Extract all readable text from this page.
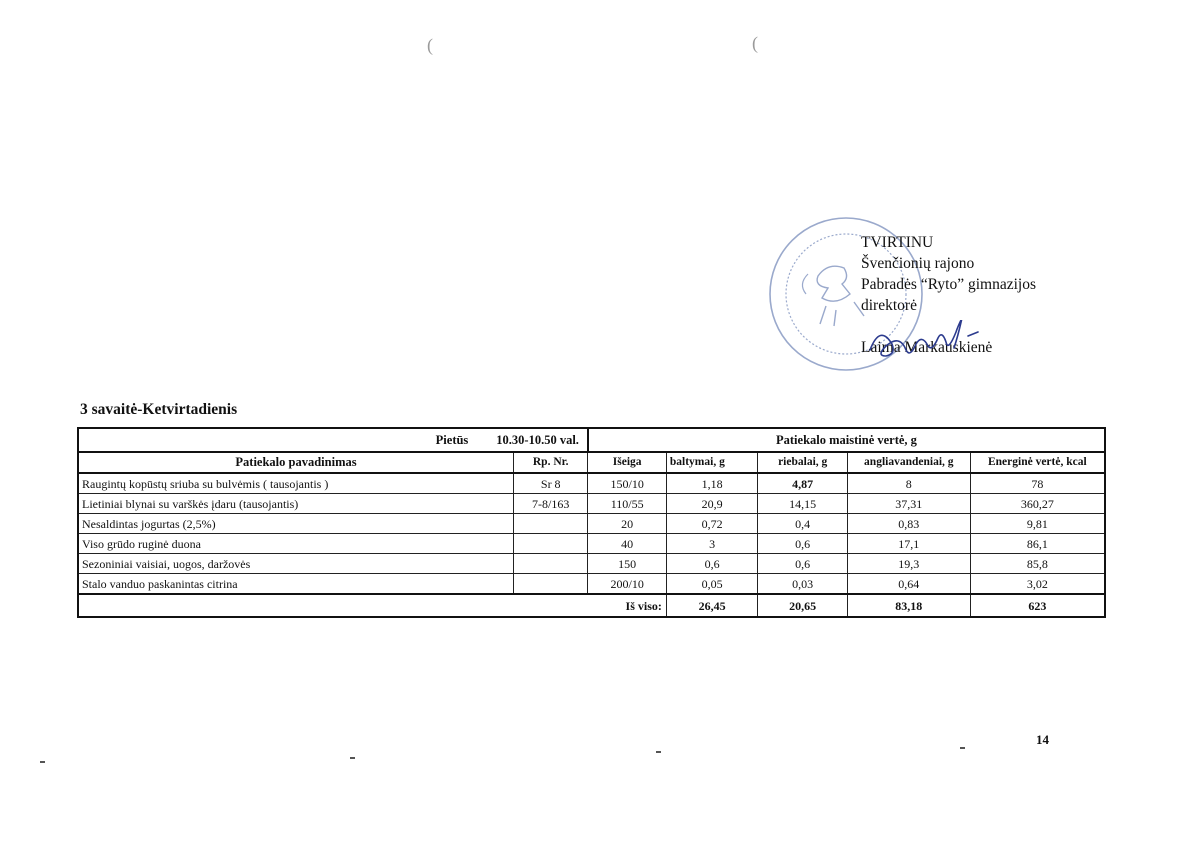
(	(
TVIRTINU
Švenčionių rajono
Pabradės “Ryto” gimnazijos
direktorė
Laima Markauskienė
3 savaitė-Ketvirtadienis
Pietūs 10.30-10.50 val.		Patiekalo maistinė vertė, g				
Patiekalo pavadinimas	Rp. Nr.	Išeiga	baltymai, g	riebalai, g	angliavandeniai, g	Energinė vertė, kcal
Raugintų kopūstų sriuba su bulvėmis ( tausojantis )	Sr 8	150/10	1,18	4,87	8	78
Lietiniai blynai su varškės įdaru (tausojantis)	7-8/163	110/55	20,9	14,15	37,31	360,27
Nesaldintas jogurtas (2,5%)		20	0,72	0,4	0,83	9,81
Viso grūdo ruginė duona		40	3	0,6	17,1	86,1
Sezoniniai vaisiai, uogos, daržovės		150	0,6	0,6	19,3	85,8
Stalo vanduo paskanintas citrina		200/10	0,05	0,03	0,64	3,02
Iš viso:			26,45	20,65	83,18	623
14
